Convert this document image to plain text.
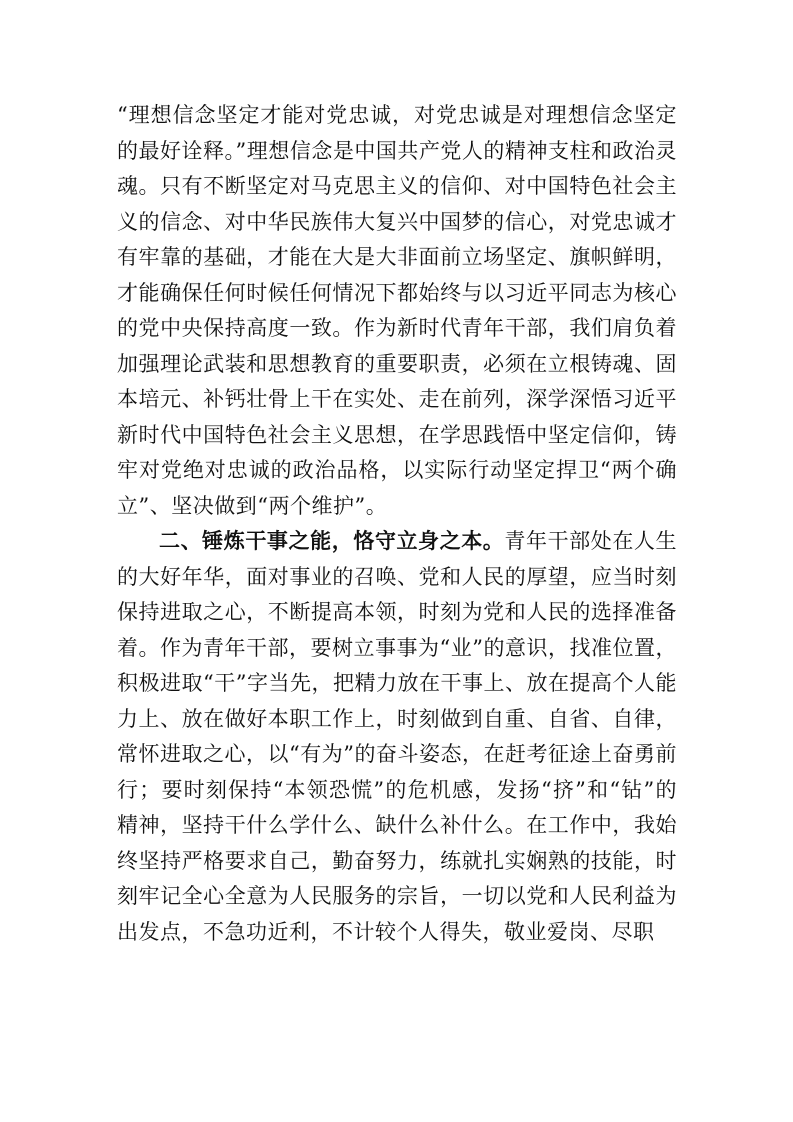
“理想信念坚定才能对党忠诚，对党忠诚是对理想信念坚定的最好诠释。”理想信念是中国共产党人的精神支柱和政治灵魂。只有不断坚定对马克思主义的信仰、对中国特色社会主义的信念、对中华民族伟大复兴中国梦的信心，对党忠诚才有牢靠的基础，才能在大是大非面前立场坚定、旗帜鲜明，才能确保任何时候任何情况下都始终与以习近平同志为核心的党中央保持高度一致。作为新时代青年干部，我们肩负着加强理论武装和思想教育的重要职责，必须在立根铸魂、固本培元、补钙壮骨上干在实处、走在前列，深学深悟习近平新时代中国特色社会主义思想，在学思践悟中坚定信仰，铸牢对党绝对忠诚的政治品格，以实际行动坚定捍卫“两个确立”、坚决做到“两个维护”。

二、锤炼干事之能，恪守立身之本。青年干部处在人生的大好年华，面对事业的召唤、党和人民的厚望，应当时刻保持进取之心，不断提高本领，时刻为党和人民的选择准备着。作为青年干部，要树立事事为“业”的意识，找准位置，积极进取“干”字当先，把精力放在干事上、放在提高个人能力上、放在做好本职工作上，时刻做到自重、自省、自律，常怀进取之心，以“有为”的奋斗姿态，在赶考征途上奋勇前行；要时刻保持“本领恐慌”的危机感，发扬“挤”和“钻”的精神，坚持干什么学什么、缺什么补什么。在工作中，我始终坚持严格要求自己，勤奋努力，练就扎实娴熟的技能，时刻牢记全心全意为人民服务的宗旨，一切以党和人民利益为出发点，不急功近利，不计较个人得失，敬业爱岗、尽职
